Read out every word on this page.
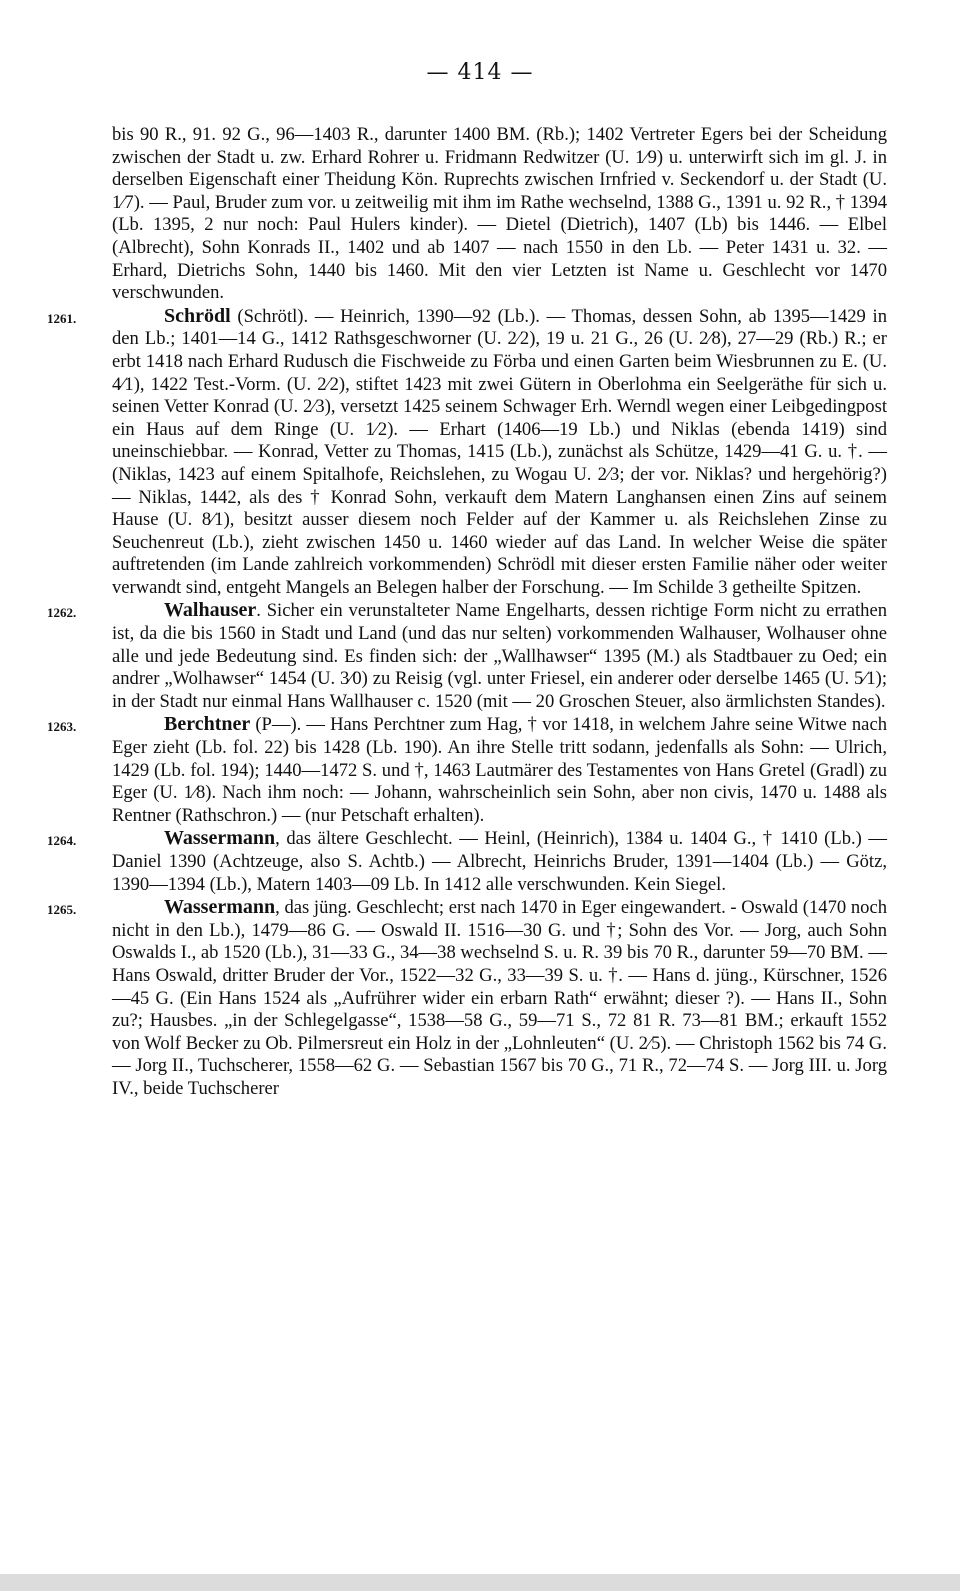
— 414 —

bis 90 R., 91. 92 G., 96—1403 R., darunter 1400 BM. (Rb.); 1402 Vertreter Egers bei der Scheidung zwischen der Stadt u. zw. Erhard Rohrer u. Fridmann Redwitzer (U. 1⁄9) u. unterwirft sich im gl. J. in derselben Eigenschaft einer Theidung Kön. Ruprechts zwischen Irnfried v. Seckendorf u. der Stadt (U. 1⁄7). — Paul, Bruder zum vor. u zeitweilig mit ihm im Rathe wechselnd, 1388 G., 1391 u. 92 R., † 1394 (Lb. 1395, 2 nur noch: Paul Hulers kinder). — Dietel (Dietrich), 1407 (Lb) bis 1446. — Elbel (Albrecht), Sohn Konrads II., 1402 und ab 1407 — nach 1550 in den Lb. — Peter 1431 u. 32. — Erhard, Dietrichs Sohn, 1440 bis 1460. Mit den vier Letzten ist Name u. Geschlecht vor 1470 verschwunden.

1261.	Schrödl (Schrötl). — Heinrich, 1390—92 (Lb.). — Thomas, dessen Sohn, ab 1395—1429 in den Lb.; 1401—14 G., 1412 Rathsgeschworner (U. 2⁄2), 19 u. 21 G., 26 (U. 2⁄8), 27—29 (Rb.) R.; er erbt 1418 nach Erhard Rudusch die Fischweide zu Förba und einen Garten beim Wiesbrunnen zu E. (U. 4⁄1), 1422 Test.-Vorm. (U. 2⁄2), stiftet 1423 mit zwei Gütern in Oberlohma ein Seelgeräthe für sich u. seinen Vetter Konrad (U. 2⁄3), versetzt 1425 seinem Schwager Erh. Werndl wegen einer Leibgedingpost ein Haus auf dem Ringe (U. 1⁄2). — Erhart (1406—19 Lb.) und Niklas (ebenda 1419) sind uneinschiebbar. — Konrad, Vetter zu Thomas, 1415 (Lb.), zunächst als Schütze, 1429—41 G. u. †. — (Niklas, 1423 auf einem Spitalhofe, Reichslehen, zu Wogau U. 2⁄3; der vor. Niklas? und hergehörig?) — Niklas, 1442, als des † Konrad Sohn, verkauft dem Matern Langhansen einen Zins auf seinem Hause (U. 8⁄1), besitzt ausser diesem noch Felder auf der Kammer u. als Reichslehen Zinse zu Seuchenreut (Lb.), zieht zwischen 1450 u. 1460 wieder auf das Land. In welcher Weise die später auftretenden (im Lande zahlreich vorkommenden) Schrödl mit dieser ersten Familie näher oder weiter verwandt sind, entgeht Mangels an Belegen halber der Forschung. — Im Schilde 3 getheilte Spitzen.

1262.	Walhauser. Sicher ein verunstalteter Name Engelharts, dessen richtige Form nicht zu errathen ist, da die bis 1560 in Stadt und Land (und das nur selten) vorkommenden Walhauser, Wolhauser ohne alle und jede Bedeutung sind. Es finden sich: der „Wallhawser“ 1395 (M.) als Stadtbauer zu Oed; ein andrer „Wolhawser“ 1454 (U. 3⁄0) zu Reisig (vgl. unter Friesel, ein anderer oder derselbe 1465 (U. 5⁄1); in der Stadt nur einmal Hans Wallhauser c. 1520 (mit — 20 Groschen Steuer, also ärmlichsten Standes).

1263.	Berchtner (P—). — Hans Perchtner zum Hag, † vor 1418, in welchem Jahre seine Witwe nach Eger zieht (Lb. fol. 22) bis 1428 (Lb. 190). An ihre Stelle tritt sodann, jedenfalls als Sohn: — Ulrich, 1429 (Lb. fol. 194); 1440—1472 S. und †, 1463 Lautmärer des Testamentes von Hans Gretel (Gradl) zu Eger (U. 1⁄8). Nach ihm noch: — Johann, wahrscheinlich sein Sohn, aber non civis, 1470 u. 1488 als Rentner (Rathschron.) — (nur Petschaft erhalten).

1264.	Wassermann, das ältere Geschlecht. — Heinl, (Heinrich), 1384 u. 1404 G., † 1410 (Lb.) — Daniel 1390 (Achtzeuge, also S. Achtb.) — Albrecht, Heinrichs Bruder, 1391—1404 (Lb.) — Götz, 1390—1394 (Lb.), Matern 1403—09 Lb. In 1412 alle verschwunden. Kein Siegel.

1265.	Wassermann, das jüng. Geschlecht; erst nach 1470 in Eger eingewandert. - Oswald (1470 noch nicht in den Lb.), 1479—86 G. — Oswald II. 1516—30 G. und †; Sohn des Vor. — Jorg, auch Sohn Oswalds I., ab 1520 (Lb.), 31—33 G., 34—38 wechselnd S. u. R. 39 bis 70 R., darunter 59—70 BM. — Hans Oswald, dritter Bruder der Vor., 1522—32 G., 33—39 S. u. †. — Hans d. jüng., Kürschner, 1526—45 G. (Ein Hans 1524 als „Aufrührer wider ein erbarn Rath“ erwähnt; dieser ?). — Hans II., Sohn zu?; Hausbes. „in der Schlegelgasse“, 1538—58 G., 59—71 S., 72 81 R. 73—81 BM.; erkauft 1552 von Wolf Becker zu Ob. Pilmersreut ein Holz in der „Lohnleuten“ (U. 2⁄5). — Christoph 1562 bis 74 G. — Jorg II., Tuchscherer, 1558—62 G. — Sebastian 1567 bis 70 G., 71 R., 72—74 S. — Jorg III. u. Jorg IV., beide Tuchscherer
